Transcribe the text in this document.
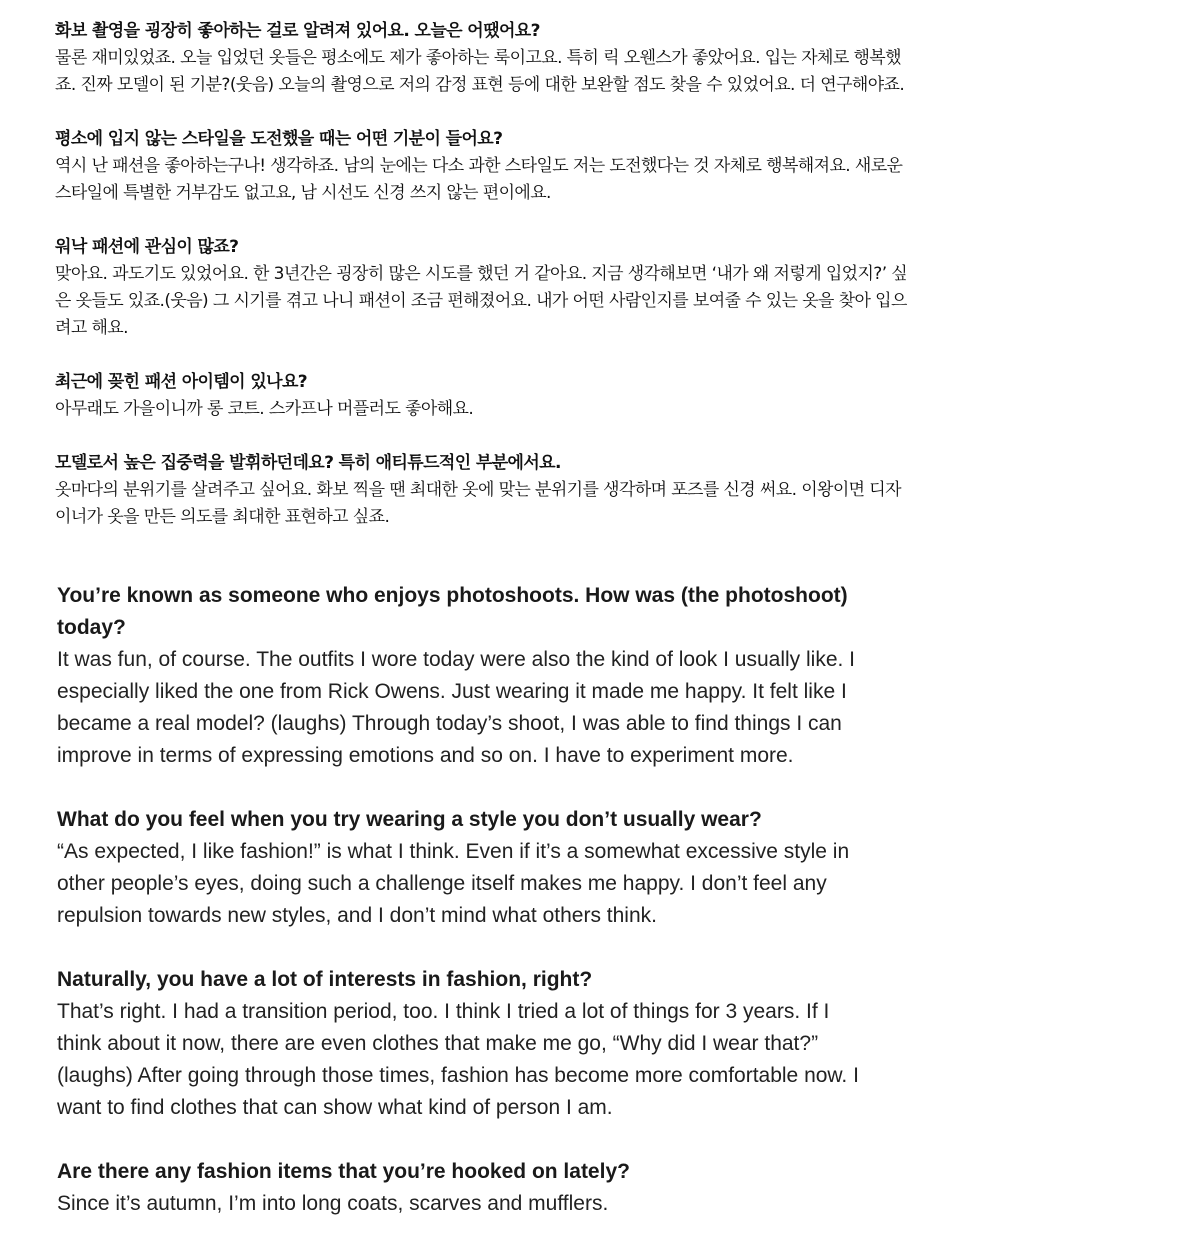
화보 촬영을 굉장히 좋아하는 걸로 알려져 있어요. 오늘은 어땠어요?

물론 재미있었죠. 오늘 입었던 옷들은 평소에도 제가 좋아하는 룩이고요. 특히 릭 오웬스가 좋았어요. 입는 자체로 행복했
죠. 진짜 모델이 된 기분?(웃음) 오늘의 촬영으로 저의 감정 표현 등에 대한 보완할 점도 찾을 수 있었어요. 더 연구해야죠.

평소에 입지 않는 스타일을 도전했을 때는 어떤 기분이 들어요?

역시 난 패션을 좋아하는구나! 생각하죠. 남의 눈에는 다소 과한 스타일도 저는 도전했다는 것 자체로 행복해져요. 새로운
스타일에 특별한 거부감도 없고요, 남 시선도 신경 쓰지 않는 편이에요.

워낙 패션에 관심이 많죠?

맞아요. 과도기도 있었어요. 한 3년간은 굉장히 많은 시도를 했던 거 같아요. 지금 생각해보면 ‘내가 왜 저렇게 입었지?’ 싶
은 옷들도 있죠.(웃음) 그 시기를 겪고 나니 패션이 조금 편해졌어요. 내가 어떤 사람인지를 보여줄 수 있는 옷을 찾아 입으
려고 해요.

최근에 꽂힌 패션 아이템이 있나요?

아무래도 가을이니까 롱 코트. 스카프나 머플러도 좋아해요.

모델로서 높은 집중력을 발휘하던데요? 특히 애티튜드적인 부분에서요.

옷마다의 분위기를 살려주고 싶어요. 화보 찍을 땐 최대한 옷에 맞는 분위기를 생각하며 포즈를 신경 써요. 이왕이면 디자
이너가 옷을 만든 의도를 최대한 표현하고 싶죠.

You’re known as someone who enjoys photoshoots. How was (the photoshoot)
today?

It was fun, of course. The outfits I wore today were also the kind of look I usually like. I
especially liked the one from Rick Owens. Just wearing it made me happy. It felt like I
became a real model? (laughs) Through today’s shoot, I was able to find things I can
improve in terms of expressing emotions and so on. I have to experiment more.

What do you feel when you try wearing a style you don’t usually wear?

“As expected, I like fashion!” is what I think. Even if it’s a somewhat excessive style in
other people’s eyes, doing such a challenge itself makes me happy. I don’t feel any
repulsion towards new styles, and I don’t mind what others think.

Naturally, you have a lot of interests in fashion, right?

That’s right. I had a transition period, too. I think I tried a lot of things for 3 years. If I
think about it now, there are even clothes that make me go, “Why did I wear that?”
(laughs) After going through those times, fashion has become more comfortable now. I
want to find clothes that can show what kind of person I am.

Are there any fashion items that you’re hooked on lately?

Since it’s autumn, I’m into long coats, scarves and mufflers.
